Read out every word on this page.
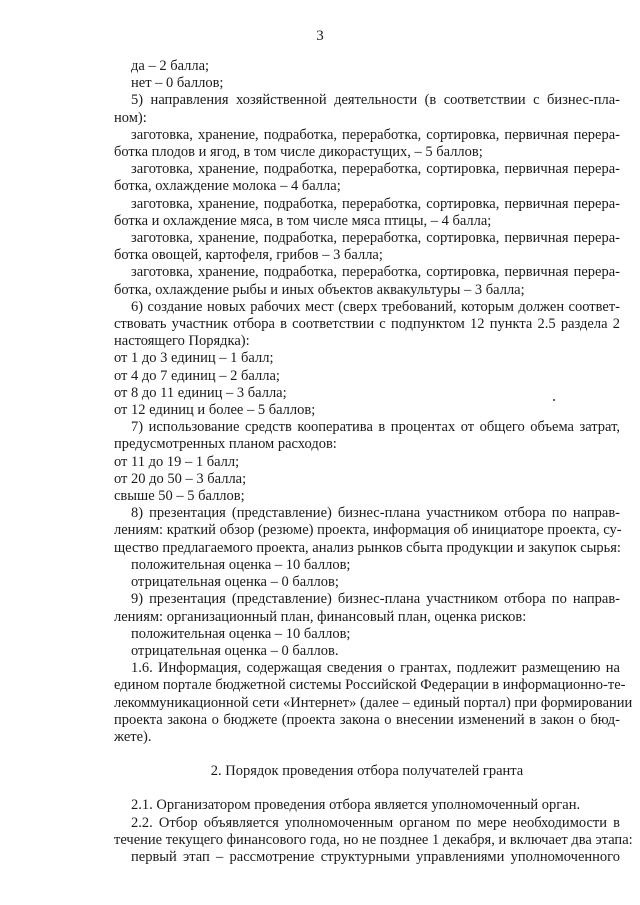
3
да – 2 балла;
нет – 0 баллов;
5) направления хозяйственной деятельности (в соответствии с бизнес-пла-
ном):
заготовка, хранение, подработка, переработка, сортировка, первичная перера-
ботка плодов и ягод, в том числе дикорастущих, – 5 баллов;
заготовка, хранение, подработка, переработка, сортировка, первичная перера-
ботка, охлаждение молока – 4 балла;
заготовка, хранение, подработка, переработка, сортировка, первичная перера-
ботка и охлаждение мяса, в том числе мяса птицы, – 4 балла;
заготовка, хранение, подработка, переработка, сортировка, первичная перера-
ботка овощей, картофеля, грибов – 3 балла;
заготовка, хранение, подработка, переработка, сортировка, первичная перера-
ботка, охлаждение рыбы и иных объектов аквакультуры – 3 балла;
6) создание новых рабочих мест (сверх требований, которым должен соответ-
ствовать участник отбора в соответствии с подпунктом 12 пункта 2.5 раздела 2
настоящего Порядка):
от 1 до 3 единиц – 1 балл;
от 4 до 7 единиц – 2 балла;
от 8 до 11 единиц – 3 балла;
от 12 единиц и более – 5 баллов;
7) использование средств кооператива в процентах от общего объема затрат,
предусмотренных планом расходов:
от 11 до 19 – 1 балл;
от 20 до 50 – 3 балла;
свыше 50 – 5 баллов;
8) презентация (представление) бизнес-плана участником отбора по направ-
лениям: краткий обзор (резюме) проекта, информация об инициаторе проекта, су-
щество предлагаемого проекта, анализ рынков сбыта продукции и закупок сырья:
положительная оценка – 10 баллов;
отрицательная оценка – 0 баллов;
9) презентация (представление) бизнес-плана участником отбора по направ-
лениям: организационный план, финансовый план, оценка рисков:
положительная оценка – 10 баллов;
отрицательная оценка – 0 баллов.
1.6. Информация, содержащая сведения о грантах, подлежит размещению на
едином портале бюджетной системы Российской Федерации в информационно-те-
лекоммуникационной сети «Интернет» (далее – единый портал) при формировании
проекта закона о бюджете (проекта закона о внесении изменений в закон о бюд-
жете).
2. Порядок проведения отбора получателей гранта
2.1. Организатором проведения отбора является уполномоченный орган.
2.2. Отбор объявляется уполномоченным органом по мере необходимости в
течение текущего финансового года, но не позднее 1 декабря, и включает два этапа:
первый этап – рассмотрение структурными управлениями уполномоченного
